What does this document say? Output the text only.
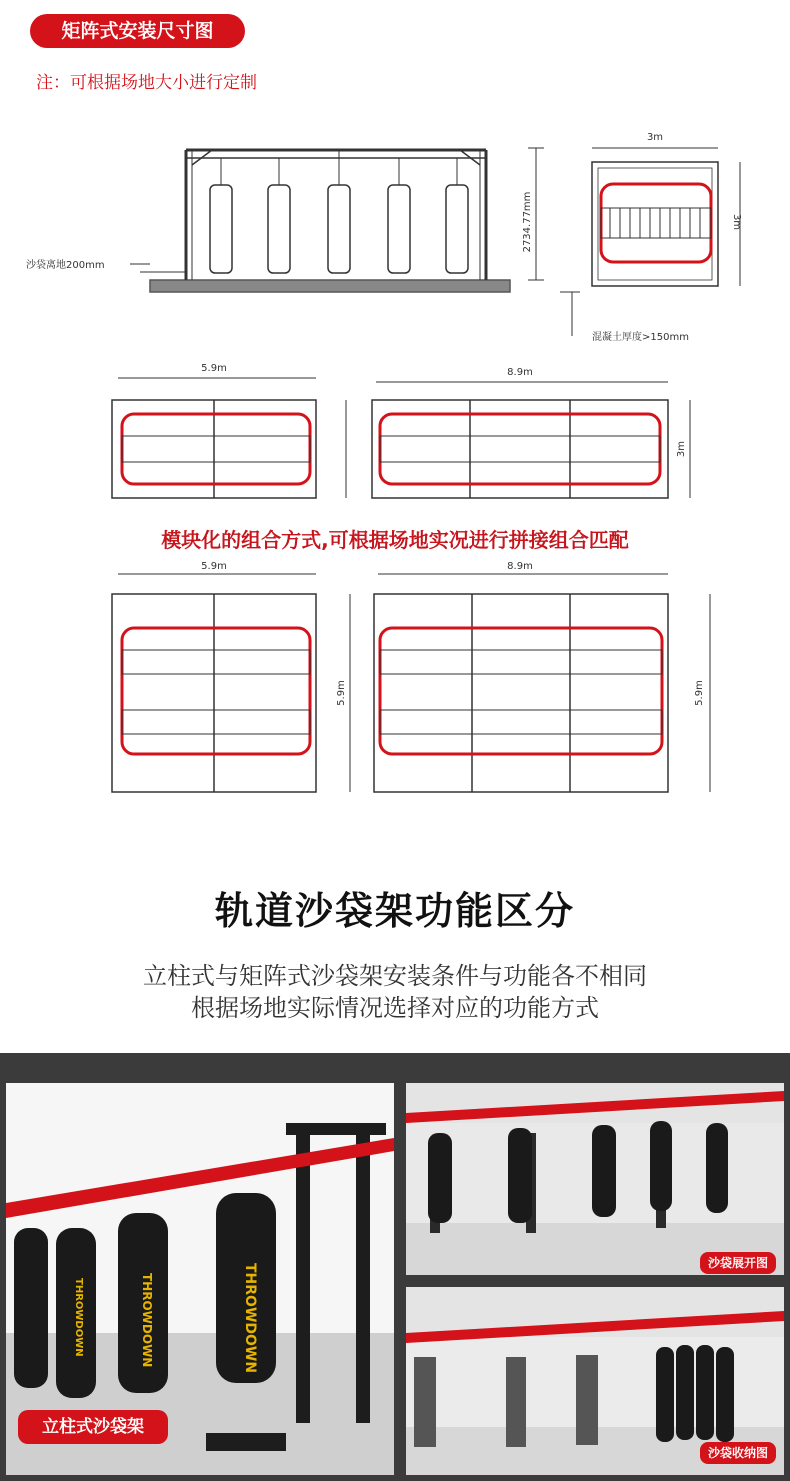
矩阵式安装尺寸图
注：可根据场地大小进行定制
2734.77mm
沙袋离地200mm
混凝土厚度>150mm
3m
3m
5.9m	8.9m
3m
5.9m	8.9m
5.9m	5.9m
模块化的组合方式,可根据场地实况进行拼接组合匹配
轨道沙袋架功能区分
立柱式与矩阵式沙袋架安装条件与功能各不相同
根据场地实际情况选择对应的功能方式
THROWDOWN
THROWDOWN
THROWDOWN
立柱式沙袋架
沙袋展开图
沙袋收纳图
